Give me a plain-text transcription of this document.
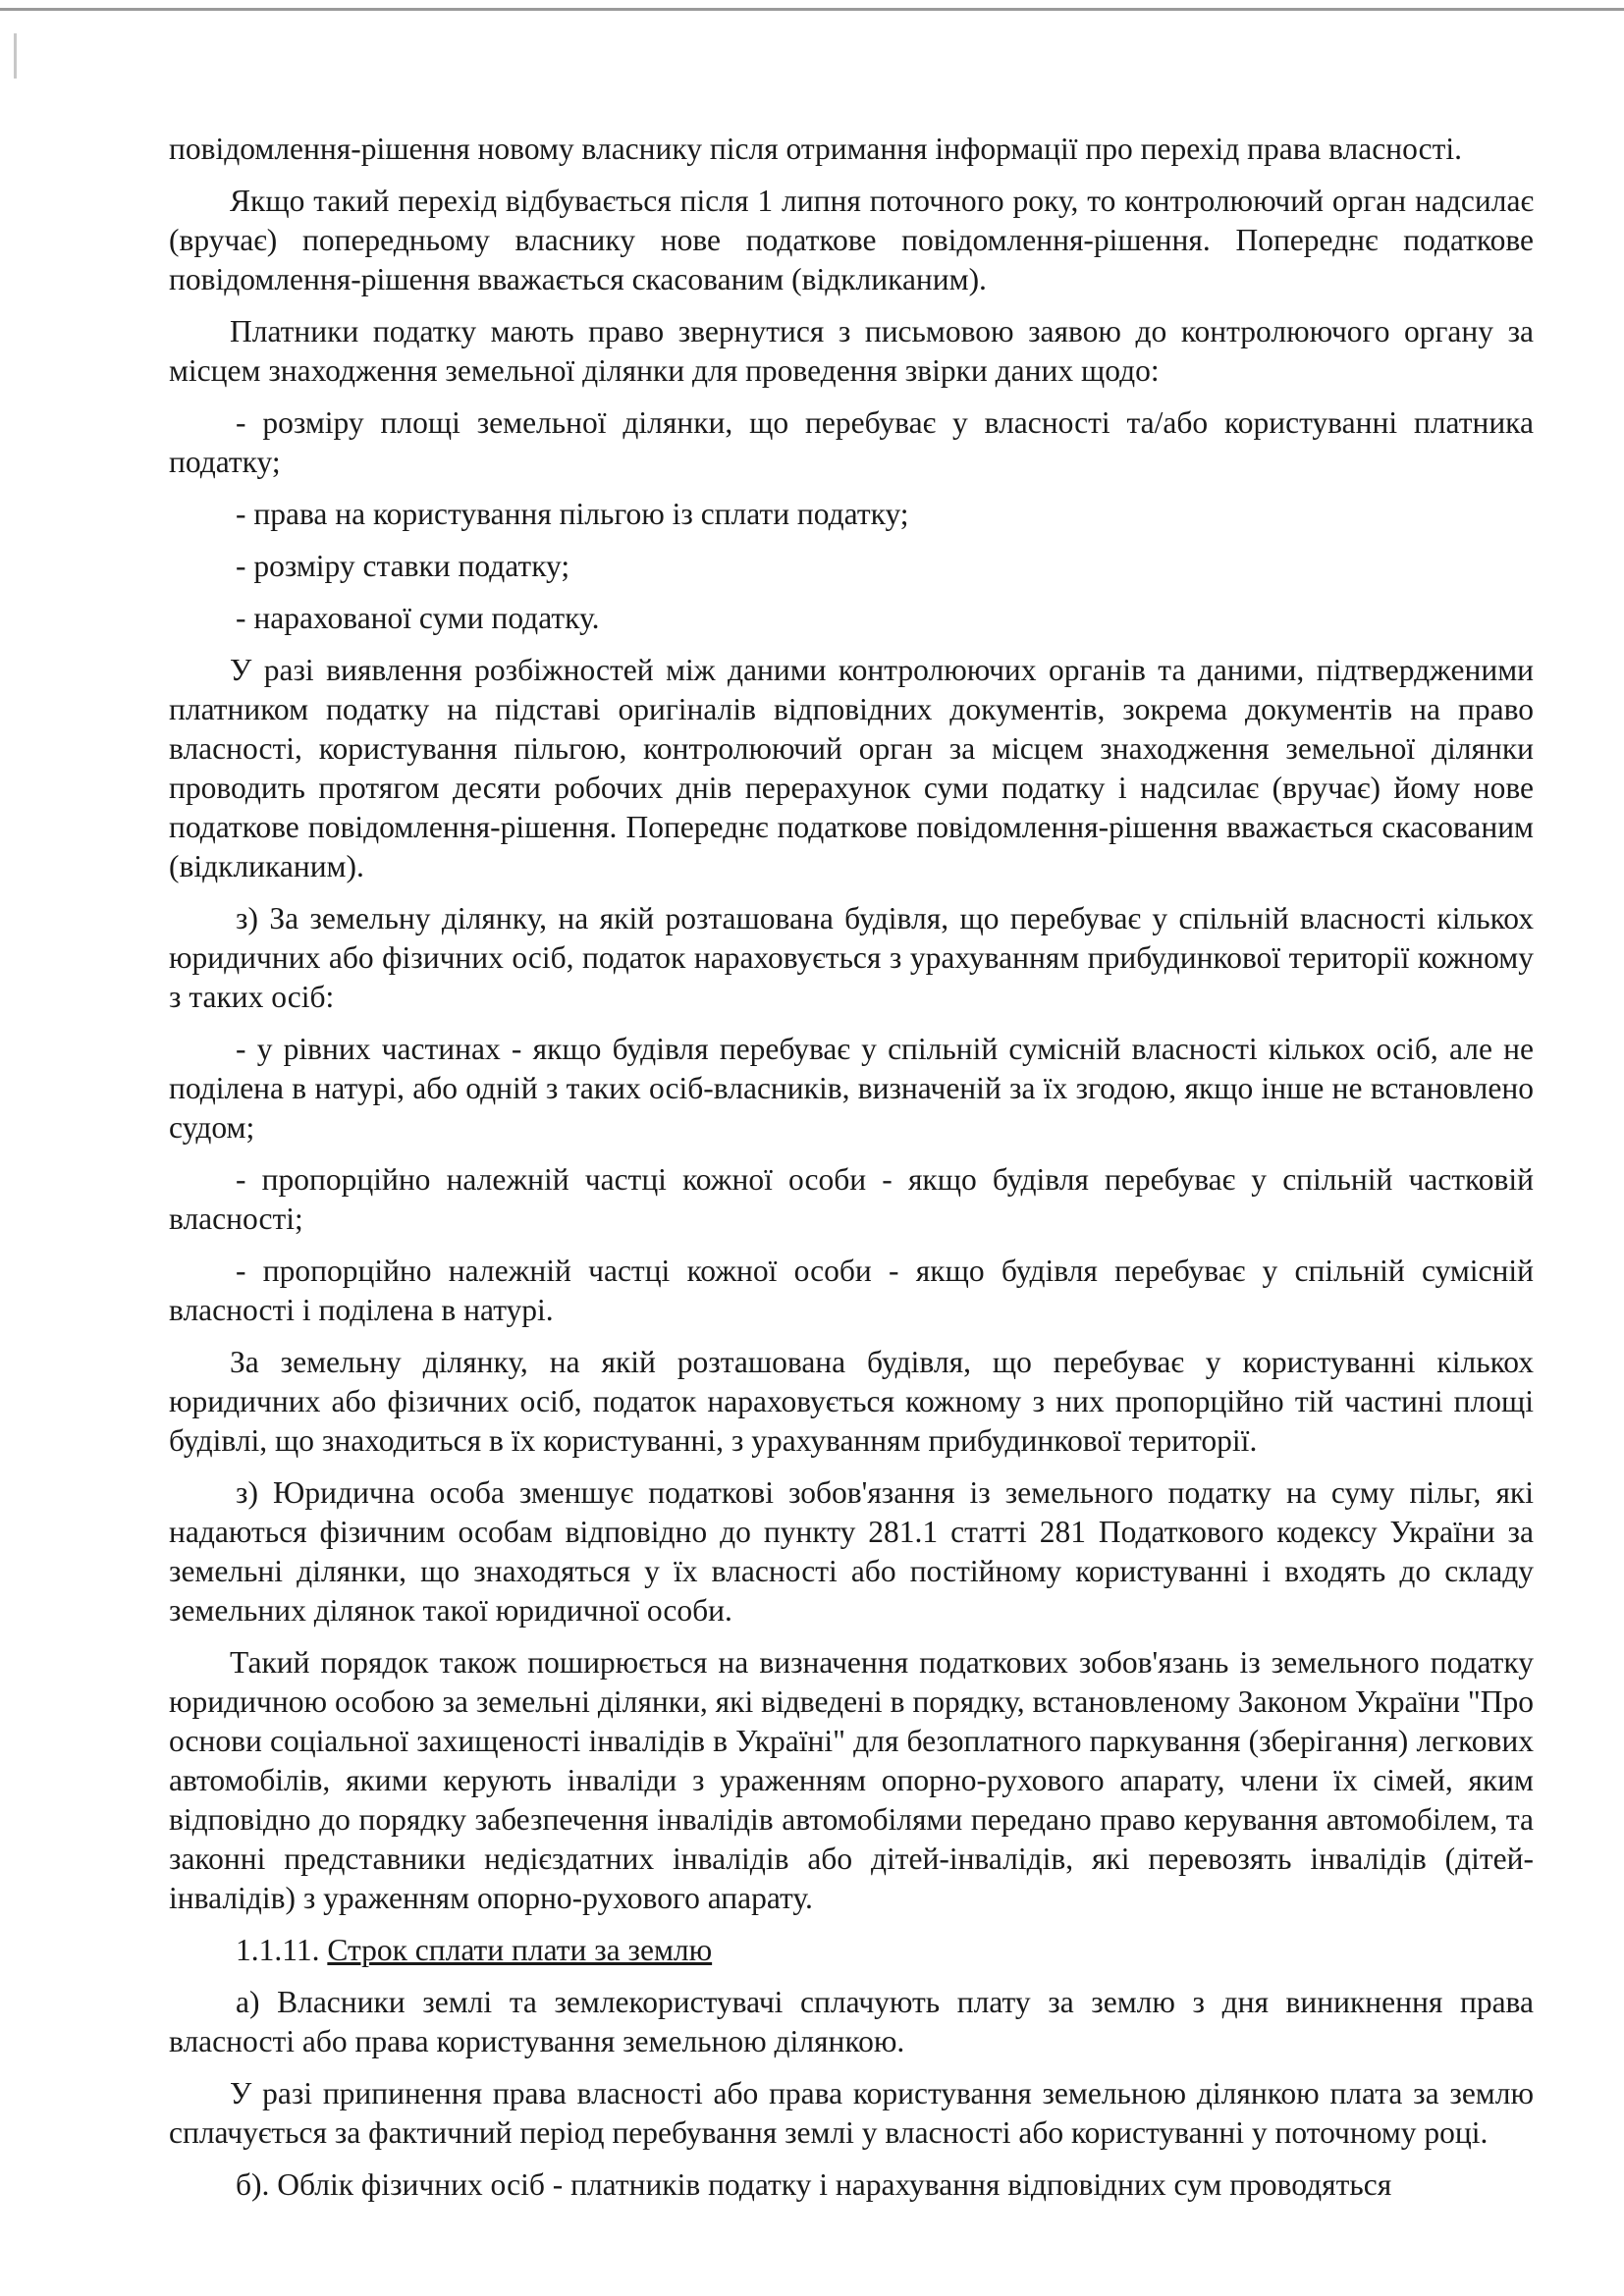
повідомлення-рішення новому власнику після отримання інформації про перехід права власності.

Якщо такий перехід відбувається після 1 липня поточного року, то контролюючий орган надсилає (вручає) попередньому власнику нове податкове повідомлення-рішення. Попереднє податкове повідомлення-рішення вважається скасованим (відкликаним).

Платники податку мають право звернутися з письмовою заявою до контролюючого органу за місцем знаходження земельної ділянки для проведення звірки даних щодо:

- розміру площі земельної ділянки, що перебуває у власності та/або користуванні платника податку;

- права на користування пільгою із сплати податку;

- розміру ставки податку;

- нарахованої суми податку.

У разі виявлення розбіжностей між даними контролюючих органів та даними, підтвердженими платником податку на підставі оригіналів відповідних документів, зокрема документів на право власності, користування пільгою, контролюючий орган за місцем знаходження земельної ділянки проводить протягом десяти робочих днів перерахунок суми податку і надсилає (вручає) йому нове податкове повідомлення-рішення. Попереднє податкове повідомлення-рішення вважається скасованим (відкликаним).

з) За земельну ділянку, на якій розташована будівля, що перебуває у спільній власності кількох юридичних або фізичних осіб, податок нараховується з урахуванням прибудинкової території кожному з таких осіб:

- у рівних частинах - якщо будівля перебуває у спільній сумісній власності кількох осіб, але не поділена в натурі, або одній з таких осіб-власників, визначеній за їх згодою, якщо інше не встановлено судом;

- пропорційно належній частці кожної особи - якщо будівля перебуває у спільній частковій власності;

- пропорційно належній частці кожної особи - якщо будівля перебуває у спільній сумісній власності і поділена в натурі.

За земельну ділянку, на якій розташована будівля, що перебуває у користуванні кількох юридичних або фізичних осіб, податок нараховується кожному з них пропорційно тій частині площі будівлі, що знаходиться в їх користуванні, з урахуванням прибудинкової території.

з) Юридична особа зменшує податкові зобов'язання із земельного податку на суму пільг, які надаються фізичним особам відповідно до пункту 281.1 статті 281 Податкового кодексу України за земельні ділянки, що знаходяться у їх власності або постійному користуванні і входять до складу земельних ділянок такої юридичної особи.

Такий порядок також поширюється на визначення податкових зобов'язань із земельного податку юридичною особою за земельні ділянки, які відведені в порядку, встановленому Законом України "Про основи соціальної захищеності інвалідів в Україні" для безоплатного паркування (зберігання) легкових автомобілів, якими керують інваліди з ураженням опорно-рухового апарату, члени їх сімей, яким відповідно до порядку забезпечення інвалідів автомобілями передано право керування автомобілем, та законні представники недієздатних інвалідів або дітей-інвалідів, які перевозять інвалідів (дітей-інвалідів) з ураженням опорно-рухового апарату.

1.1.11. Строк сплати плати за землю

а) Власники землі та землекористувачі сплачують плату за землю з дня виникнення права власності або права користування земельною ділянкою.

У разі припинення права власності або права користування земельною ділянкою плата за землю сплачується за фактичний період перебування землі у власності або користуванні у поточному році.

б). Облік фізичних осіб - платників податку і нарахування відповідних сум проводяться
